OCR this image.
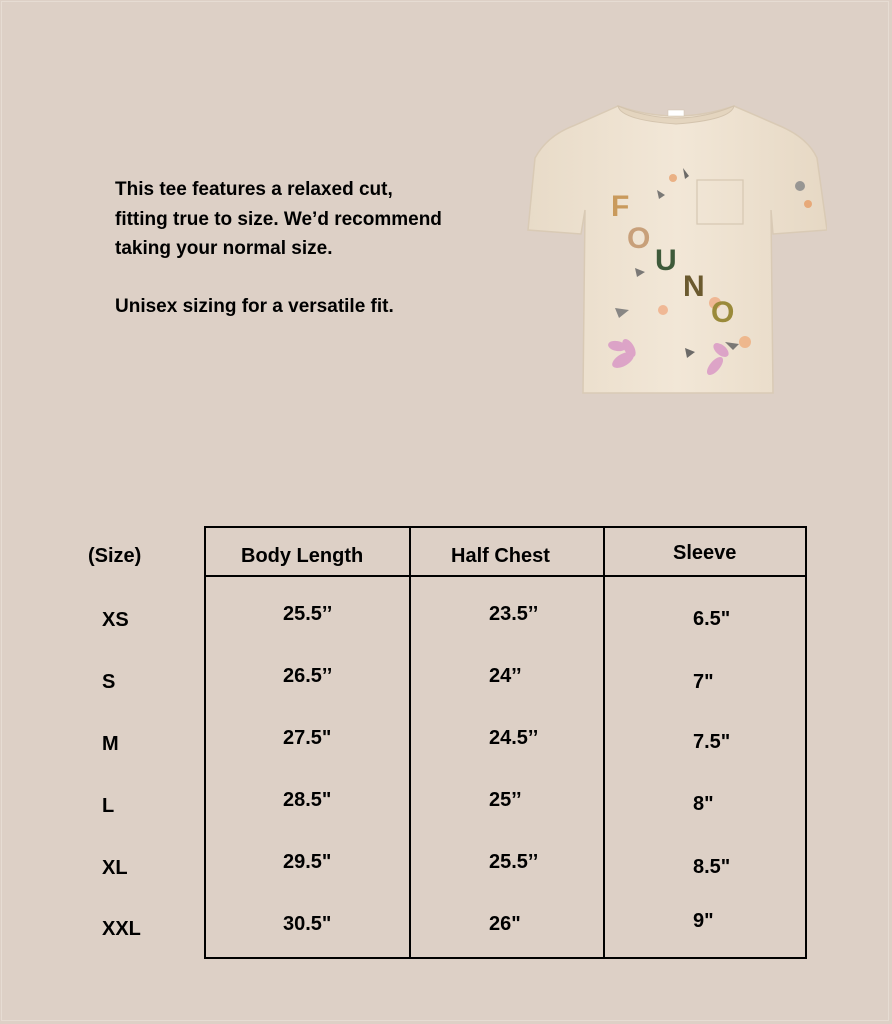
This tee features a relaxed cut, fitting true to size. We’d recommend taking your normal size.

Unisex sizing for a versatile fit.

F
O
U
N
O
(Size)	Body Length	Half Chest	Sleeve
XS	25.5’’	23.5’’	6.5"
S	26.5’’	24’’	7"
M	27.5"	24.5’’	7.5"
L	28.5"	25’’	8"
XL	29.5"	25.5’’	8.5"
XXL	30.5"	26"	9"
